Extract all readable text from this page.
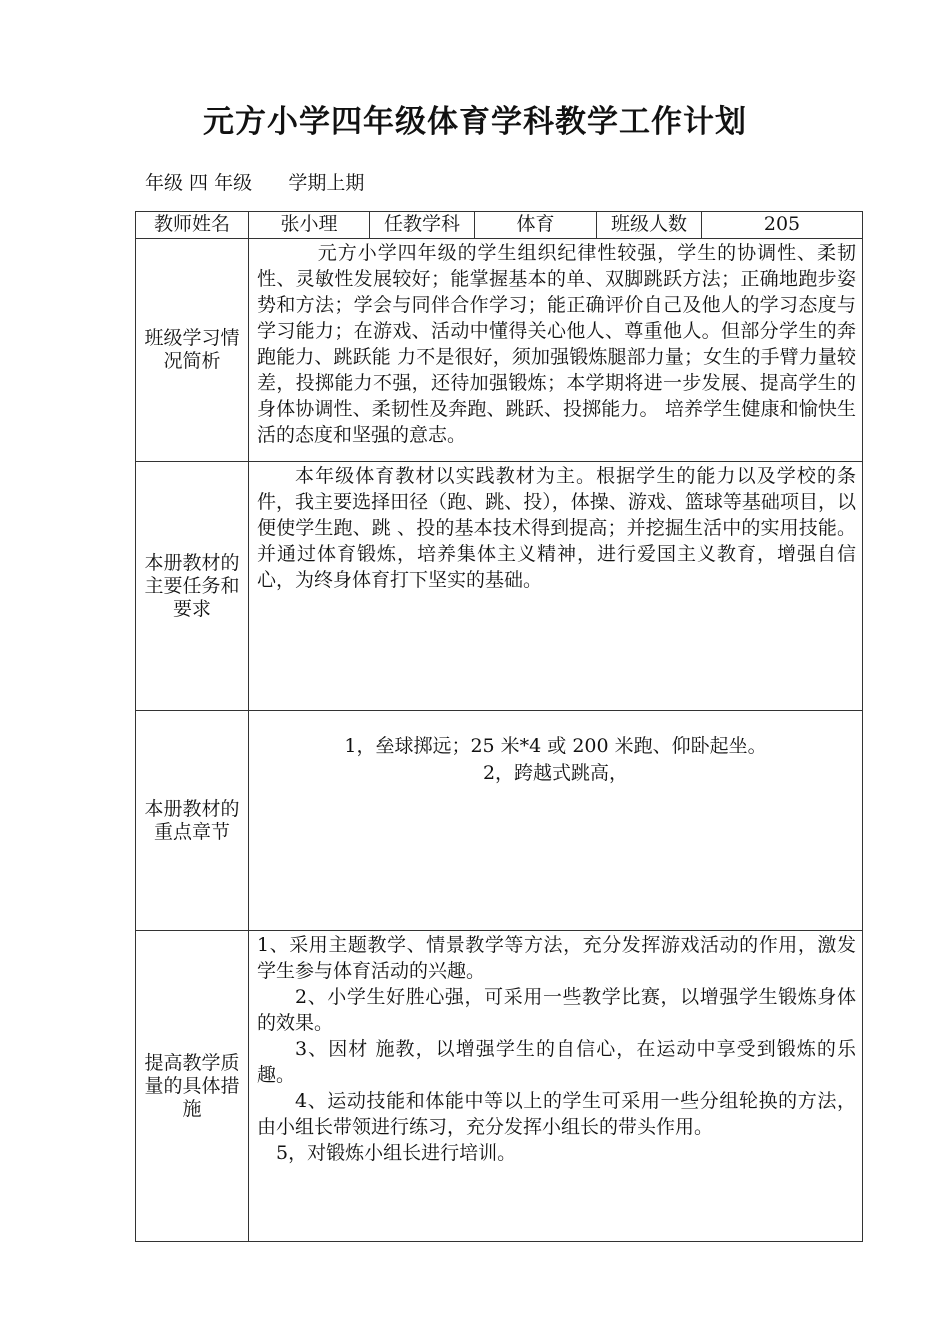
元方小学四年级体育学科教学工作计划
年级 四 年级 学期上期
教师姓名	张小理	任教学科	体育	班级人数	205
班级学习情况简析	元方小学四年级的学生组织纪律性较强，学生的协调性、柔韧性、灵敏性发展较好；能掌握基本的单、双脚跳跃方法；正确地跑步姿势和方法；学会与同伴合作学习；能正确评价自己及他人的学习态度与学习能力；在游戏、活动中懂得关心他人、尊重他人。但部分学生的奔跑能力、跳跃能 力不是很好，须加强锻炼腿部力量；女生的手臂力量较差，投掷能力不强，还待加强锻炼；本学期将进一步发展、提高学生的身体协调性、柔韧性及奔跑、跳跃、投掷能力。 培养学生健康和愉快生活的态度和坚强的意志。				

本册教材的主要任务和要求	本年级体育教材以实践教材为主。根据学生的能力以及学校的条件，我主要选择田径（跑、跳、投），体操、游戏、篮球等基础项目，以便使学生跑、跳 、投的基本技术得到提高；并挖掘生活中的实用技能。并通过体育锻炼，培养集体主义精神，进行爱国主义教育，增强自信心，为终身体育打下坚实的基础。				

本册教材的重点章节	1，垒球掷远；25 米*4 或 200 米跑、仰卧起坐。

2，跨越式跳高，				

提高教学质量的具体措施	1、采用主题教学、情景教学等方法，充分发挥游戏活动的作用，激发学生参与体育活动的兴趣。

2、小学生好胜心强，可采用一些教学比赛，以增强学生锻炼身体的效果。

3、因材 施教，以增强学生的自信心，在运动中享受到锻炼的乐趣。

4、运动技能和体能中等以上的学生可采用一些分组轮换的方法，由小组长带领进行练习，充分发挥小组长的带头作用。

5，对锻炼小组长进行培训。				
